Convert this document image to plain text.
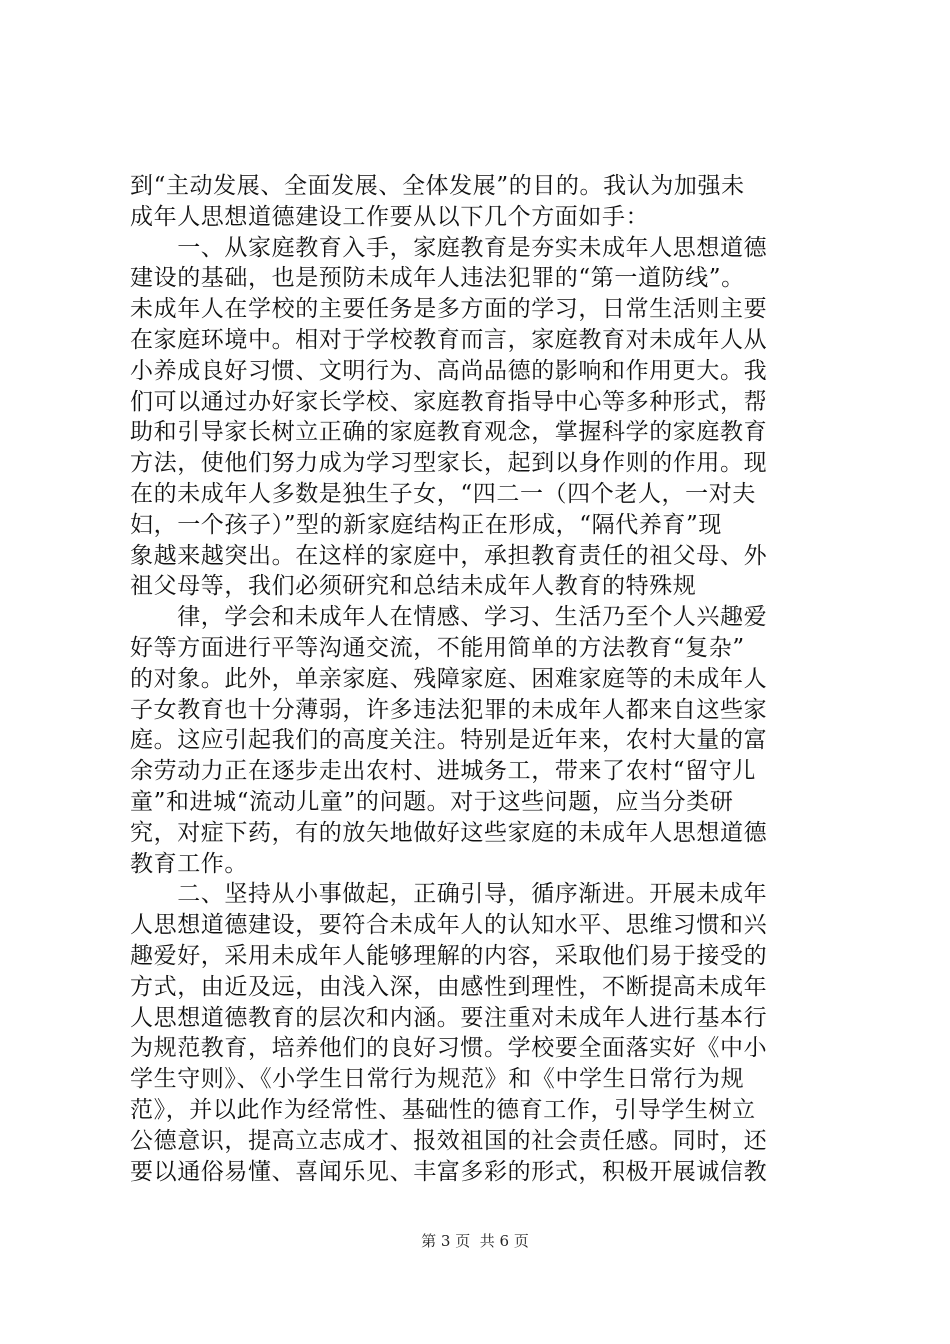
到“主动发展、全面发展、全体发展”的目的。我认为加强未
成年人思想道德建设工作要从以下几个方面如手：
　　一、从家庭教育入手，家庭教育是夯实未成年人思想道德
建设的基础，也是预防未成年人违法犯罪的“第一道防线”。
未成年人在学校的主要任务是多方面的学习，日常生活则主要
在家庭环境中。相对于学校教育而言，家庭教育对未成年人从
小养成良好习惯、文明行为、高尚品德的影响和作用更大。我
们可以通过办好家长学校、家庭教育指导中心等多种形式，帮
助和引导家长树立正确的家庭教育观念，掌握科学的家庭教育
方法，使他们努力成为学习型家长，起到以身作则的作用。现
在的未成年人多数是独生子女，“四二一（四个老人，一对夫
妇，一个孩子）”型的新家庭结构正在形成，“隔代养育”现
象越来越突出。在这样的家庭中，承担教育责任的祖父母、外
祖父母等，我们必须研究和总结未成年人教育的特殊规
　　律，学会和未成年人在情感、学习、生活乃至个人兴趣爱
好等方面进行平等沟通交流，不能用简单的方法教育“复杂”
的对象。此外，单亲家庭、残障家庭、困难家庭等的未成年人
子女教育也十分薄弱，许多违法犯罪的未成年人都来自这些家
庭。这应引起我们的高度关注。特别是近年来，农村大量的富
余劳动力正在逐步走出农村、进城务工，带来了农村“留守儿
童”和进城“流动儿童”的问题。对于这些问题，应当分类研
究，对症下药，有的放矢地做好这些家庭的未成年人思想道德
教育工作。
　　二、坚持从小事做起，正确引导，循序渐进。开展未成年
人思想道德建设，要符合未成年人的认知水平、思维习惯和兴
趣爱好，采用未成年人能够理解的内容，采取他们易于接受的
方式，由近及远，由浅入深，由感性到理性，不断提高未成年
人思想道德教育的层次和内涵。要注重对未成年人进行基本行
为规范教育，培养他们的良好习惯。学校要全面落实好《中小
学生守则》、《小学生日常行为规范》和《中学生日常行为规
范》，并以此作为经常性、基础性的德育工作，引导学生树立
公德意识，提高立志成才、报效祖国的社会责任感。同时，还
要以通俗易懂、喜闻乐见、丰富多彩的形式，积极开展诚信教
第 3 页  共 6 页
